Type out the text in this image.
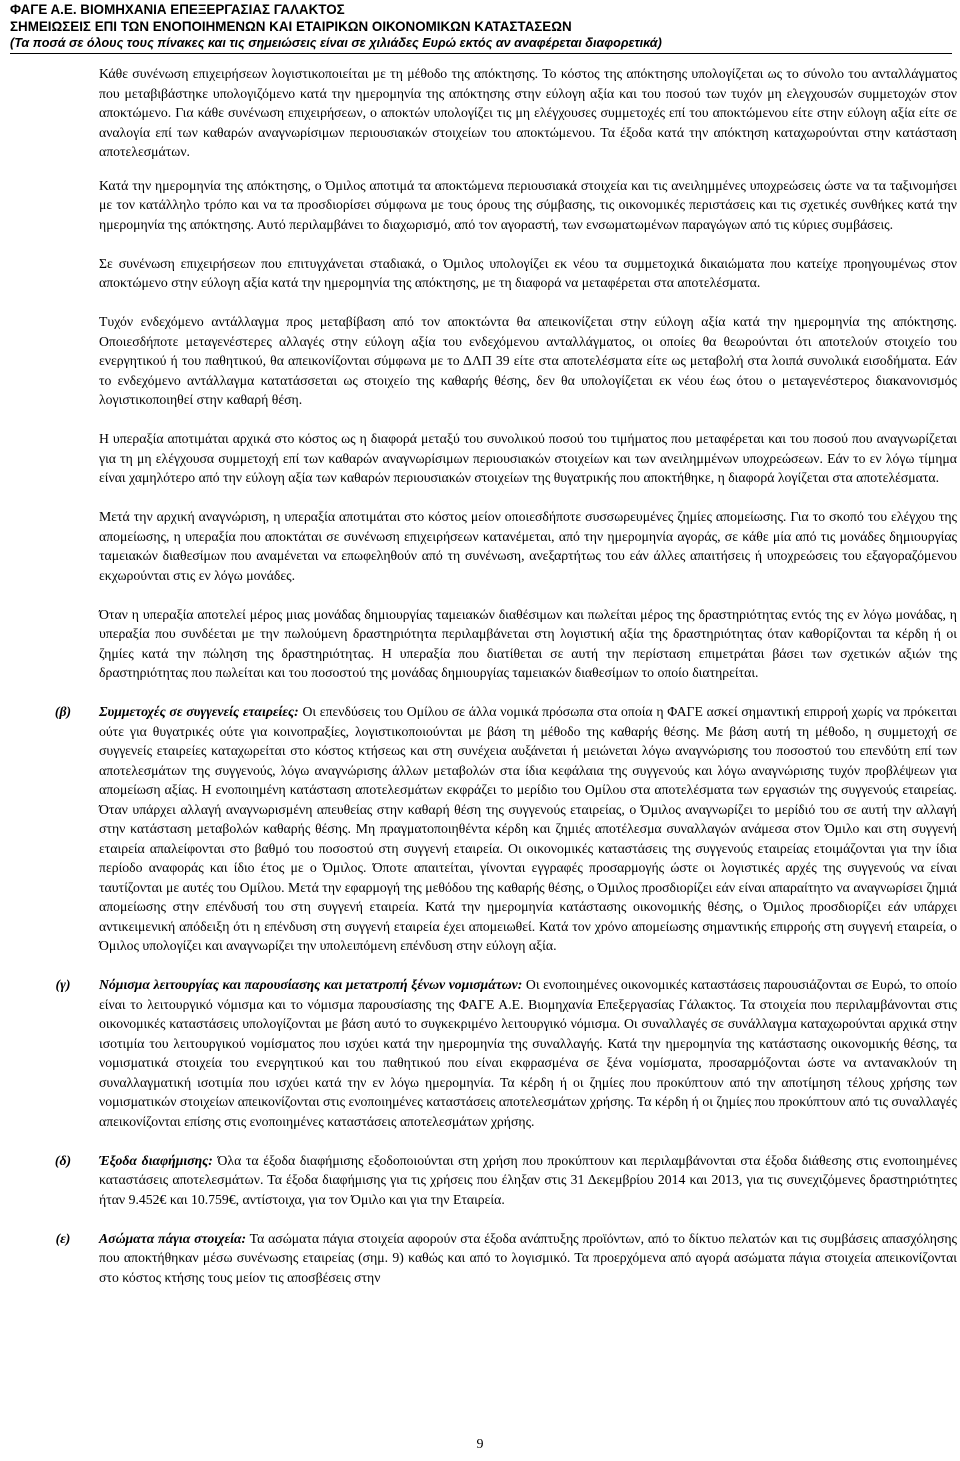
ΦΑΓΕ Α.Ε. ΒΙΟΜΗΧΑΝΙΑ ΕΠΕΞΕΡΓΑΣΙΑΣ ΓΑΛΑΚΤΟΣ
ΣΗΜΕΙΩΣΕΙΣ ΕΠΙ ΤΩΝ ΕΝΟΠΟΙΗΜΕΝΩΝ ΚΑΙ ΕΤΑΙΡΙΚΩΝ ΟΙΚΟΝΟΜΙΚΩΝ ΚΑΤΑΣΤΑΣΕΩΝ
(Τα ποσά σε όλους τους πίνακες και τις σημειώσεις είναι σε χιλιάδες Ευρώ εκτός αν αναφέρεται διαφορετικά)

Κάθε συνένωση επιχειρήσεων λογιστικοποιείται με τη μέθοδο της απόκτησης. Το κόστος της απόκτησης υπολογίζεται ως το σύνολο του ανταλλάγματος που μεταβιβάστηκε υπολογιζόμενο κατά την ημερομηνία της απόκτησης στην εύλογη αξία και του ποσού των τυχόν μη ελεγχουσών συμμετοχών στον αποκτώμενο. Για κάθε συνένωση επιχειρήσεων, ο αποκτών υπολογίζει τις μη ελέγχουσες συμμετοχές επί του αποκτώμενου είτε στην εύλογη αξία είτε σε αναλογία επί των καθαρών αναγνωρίσιμων περιουσιακών στοιχείων του αποκτώμενου. Τα έξοδα κατά την απόκτηση καταχωρούνται στην κατάσταση αποτελεσμάτων.

Κατά την ημερομηνία της απόκτησης, ο Όμιλος αποτιμά τα αποκτώμενα περιουσιακά στοιχεία και τις ανειλημμένες υποχρεώσεις ώστε να τα ταξινομήσει με τον κατάλληλο τρόπο και να τα προσδιορίσει σύμφωνα με τους όρους της σύμβασης, τις οικονομικές περιστάσεις και τις σχετικές συνθήκες κατά την ημερομηνία της απόκτησης. Αυτό περιλαμβάνει το διαχωρισμό, από τον αγοραστή, των ενσωματωμένων παραγώγων από τις κύριες συμβάσεις.

Σε συνένωση επιχειρήσεων που επιτυγχάνεται σταδιακά, ο Όμιλος υπολογίζει εκ νέου τα συμμετοχικά δικαιώματα που κατείχε προηγουμένως στον αποκτώμενο στην εύλογη αξία κατά την ημερομηνία της απόκτησης, με τη διαφορά να μεταφέρεται στα αποτελέσματα.

Τυχόν ενδεχόμενο αντάλλαγμα προς μεταβίβαση από τον αποκτώντα θα απεικονίζεται στην εύλογη αξία κατά την ημερομηνία της απόκτησης. Οποιεσδήποτε μεταγενέστερες αλλαγές στην εύλογη αξία του ενδεχόμενου ανταλλάγματος, οι οποίες θα θεωρούνται ότι αποτελούν στοιχείο του ενεργητικού ή του παθητικού, θα απεικονίζονται σύμφωνα με το ΔΛΠ 39 είτε στα αποτελέσματα είτε ως μεταβολή στα λοιπά συνολικά εισοδήματα. Εάν το ενδεχόμενο αντάλλαγμα κατατάσσεται ως στοιχείο της καθαρής θέσης, δεν θα υπολογίζεται εκ νέου έως ότου ο μεταγενέστερος διακανονισμός λογιστικοποιηθεί στην καθαρή θέση.

Η υπεραξία αποτιμάται αρχικά στο κόστος ως η διαφορά μεταξύ του συνολικού ποσού του τιμήματος που μεταφέρεται και του ποσού που αναγνωρίζεται για τη μη ελέγχουσα συμμετοχή επί των καθαρών αναγνωρίσιμων περιουσιακών στοιχείων και των ανειλημμένων υποχρεώσεων. Εάν το εν λόγω τίμημα είναι χαμηλότερο από την εύλογη αξία των καθαρών περιουσιακών στοιχείων της θυγατρικής που αποκτήθηκε, η διαφορά λογίζεται στα αποτελέσματα.

Μετά την αρχική αναγνώριση, η υπεραξία αποτιμάται στο κόστος μείον οποιεσδήποτε συσσωρευμένες ζημίες απομείωσης. Για το σκοπό του ελέγχου της απομείωσης, η υπεραξία που αποκτάται σε συνένωση επιχειρήσεων κατανέμεται, από την ημερομηνία αγοράς, σε κάθε μία από τις μονάδες δημιουργίας ταμειακών διαθεσίμων που αναμένεται να επωφεληθούν από τη συνένωση, ανεξαρτήτως του εάν άλλες απαιτήσεις ή υποχρεώσεις του εξαγοραζόμενου εκχωρούνται στις εν λόγω μονάδες.

Όταν η υπεραξία αποτελεί μέρος μιας μονάδας δημιουργίας ταμειακών διαθέσιμων και πωλείται μέρος της δραστηριότητας εντός της εν λόγω μονάδας, η υπεραξία που συνδέεται με την πωλούμενη δραστηριότητα περιλαμβάνεται στη λογιστική αξία της δραστηριότητας όταν καθορίζονται τα κέρδη ή οι ζημίες κατά την πώληση της δραστηριότητας. Η υπεραξία που διατίθεται σε αυτή την περίσταση επιμετράται βάσει των σχετικών αξιών της δραστηριότητας που πωλείται και του ποσοστού της μονάδας δημιουργίας ταμειακών διαθεσίμων το οποίο διατηρείται.

(β)	Συμμετοχές σε συγγενείς εταιρείες: Οι επενδύσεις του Ομίλου σε άλλα νομικά πρόσωπα στα οποία η ΦΑΓΕ ασκεί σημαντική επιρροή χωρίς να πρόκειται ούτε για θυγατρικές ούτε για κοινοπραξίες, λογιστικοποιούνται με βάση τη μέθοδο της καθαρής θέσης. Με βάση αυτή τη μέθοδο, η συμμετοχή σε συγγενείς εταιρείες καταχωρείται στο κόστος κτήσεως και στη συνέχεια αυξάνεται ή μειώνεται λόγω αναγνώρισης του ποσοστού του επενδύτη επί των αποτελεσμάτων της συγγενούς, λόγω αναγνώρισης άλλων μεταβολών στα ίδια κεφάλαια της συγγενούς και λόγω αναγνώρισης τυχόν προβλέψεων για απομείωση αξίας. Η ενοποιημένη κατάσταση αποτελεσμάτων εκφράζει το μερίδιο του Ομίλου στα αποτελέσματα των εργασιών της συγγενούς εταιρείας. Όταν υπάρχει αλλαγή αναγνωρισμένη απευθείας στην καθαρή θέση της συγγενούς εταιρείας, ο Όμιλος αναγνωρίζει το μερίδιό του σε αυτή την αλλαγή στην κατάσταση μεταβολών καθαρής θέσης. Μη πραγματοποιηθέντα κέρδη και ζημιές αποτέλεσμα συναλλαγών ανάμεσα στον Όμιλο και στη συγγενή εταιρεία απαλείφονται στο βαθμό του ποσοστού στη συγγενή εταιρεία. Οι οικονομικές καταστάσεις της συγγενούς εταιρείας ετοιμάζονται για την ίδια περίοδο αναφοράς και ίδιο έτος με ο Όμιλος. Όποτε απαιτείται, γίνονται εγγραφές προσαρμογής ώστε οι λογιστικές αρχές της συγγενούς να είναι ταυτίζονται με αυτές του Ομίλου. Μετά την εφαρμογή της μεθόδου της καθαρής θέσης, ο Όμιλος προσδιορίζει εάν είναι απαραίτητο να αναγνωρίσει ζημιά απομείωσης στην επένδυσή του στη συγγενή εταιρεία. Κατά την ημερομηνία κατάστασης οικονομικής θέσης, ο Όμιλος προσδιορίζει εάν υπάρχει αντικειμενική απόδειξη ότι η επένδυση στη συγγενή εταιρεία έχει απομειωθεί. Κατά τον χρόνο απομείωσης σημαντικής επιρροής στη συγγενή εταιρεία, ο Όμιλος υπολογίζει και αναγνωρίζει την υπολειπόμενη επένδυση στην εύλογη αξία.
(γ)	Νόμισμα λειτουργίας και παρουσίασης και μετατροπή ξένων νομισμάτων: Οι ενοποιημένες οικονομικές καταστάσεις παρουσιάζονται σε Ευρώ, το οποίο είναι το λειτουργικό νόμισμα και το νόμισμα παρουσίασης της ΦΑΓΕ Α.Ε. Βιομηχανία Επεξεργασίας Γάλακτος. Τα στοιχεία που περιλαμβάνονται στις οικονομικές καταστάσεις υπολογίζονται με βάση αυτό το συγκεκριμένο λειτουργικό νόμισμα. Οι συναλλαγές σε συνάλλαγμα καταχωρούνται αρχικά στην ισοτιμία του λειτουργικού νομίσματος που ισχύει κατά την ημερομηνία της συναλλαγής. Κατά την ημερομηνία της κατάστασης οικονομικής θέσης, τα νομισματικά στοιχεία του ενεργητικού και του παθητικού που είναι εκφρασμένα σε ξένα νομίσματα, προσαρμόζονται ώστε να αντανακλούν τη συναλλαγματική ισοτιμία που ισχύει κατά την εν λόγω ημερομηνία. Τα κέρδη ή οι ζημίες που προκύπτουν από την αποτίμηση τέλους χρήσης των νομισματικών στοιχείων απεικονίζονται στις ενοποιημένες καταστάσεις αποτελεσμάτων χρήσης. Τα κέρδη ή οι ζημίες που προκύπτουν από τις συναλλαγές απεικονίζονται επίσης στις ενοποιημένες καταστάσεις αποτελεσμάτων χρήσης.
(δ)	Έξοδα διαφήμισης: Όλα τα έξοδα διαφήμισης εξοδοποιούνται στη χρήση που προκύπτουν και περιλαμβάνονται στα έξοδα διάθεσης στις ενοποιημένες καταστάσεις αποτελεσμάτων. Τα έξοδα διαφήμισης για τις χρήσεις που έληξαν στις 31 Δεκεμβρίου 2014 και 2013, για τις συνεχιζόμενες δραστηριότητες ήταν 9.452€ και 10.759€, αντίστοιχα, για τον Όμιλο και για την Εταιρεία.
(ε)	Ασώματα πάγια στοιχεία: Τα ασώματα πάγια στοιχεία αφορούν στα έξοδα ανάπτυξης προϊόντων, από το δίκτυο πελατών και τις συμβάσεις απασχόλησης που αποκτήθηκαν μέσω συνένωσης εταιρείας (σημ. 9) καθώς και από το λογισμικό. Τα προερχόμενα από αγορά ασώματα πάγια στοιχεία απεικονίζονται στο κόστος κτήσης τους μείον τις αποσβέσεις στην
9
